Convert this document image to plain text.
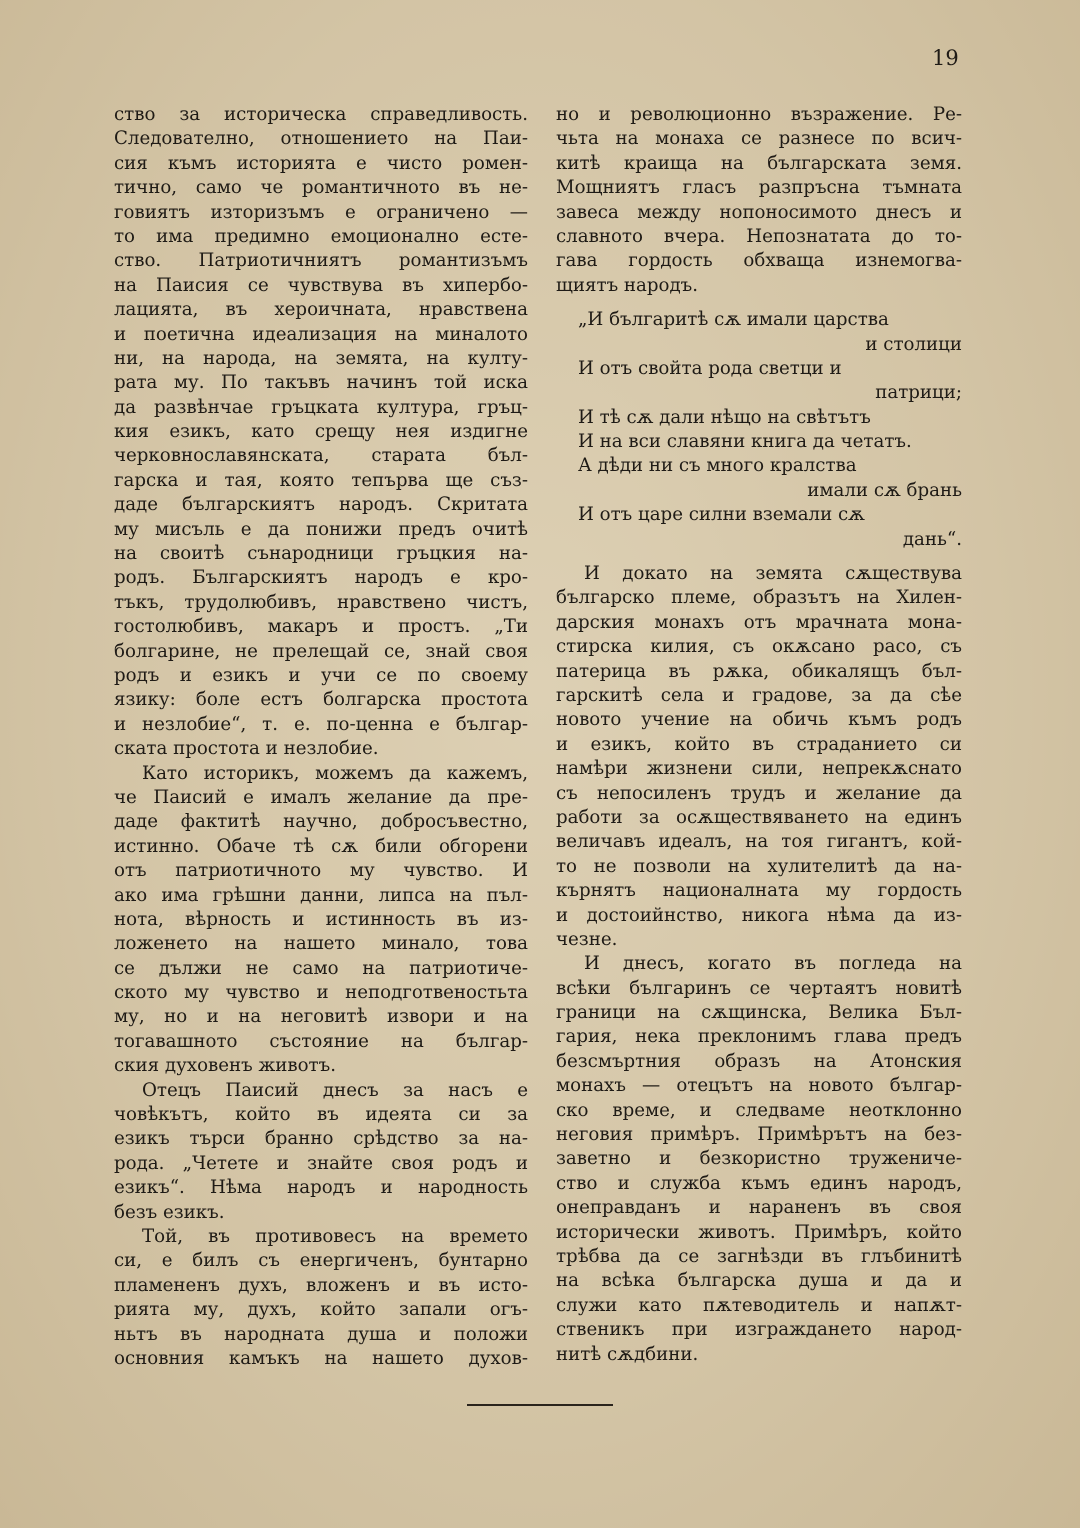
19
ство за историческа справедливость.
Следователно, отношението на Паи-
сия къмъ историята е чисто ромен-
тично, само че романтичното въ не-
говиятъ изторизъмъ е ограничено —
то има предимно емоционално есте-
ство. Патриотичниятъ романтизъмъ
на Паисия се чувствува въ хипербо-
лацията, въ хероичната, нравствена
и поетична идеализация на миналото
ни, на народа, на земята, на култу-
рата му. По такъвъ начинъ той иска
да развѣнчае гръцката култура, гръц-
кия езикъ, като срещу нея издигне
черковнославянската, старата бъл-
гарска и тая, която тепърва ще съз-
даде българскиятъ народъ. Скритата
му мисъль е да понижи предъ очитѣ
на своитѣ сънародници гръцкия на-
родъ. Българскиятъ народъ е кро-
тъкъ, трудолюбивъ, нравствено чистъ,
гостолюбивъ, макаръ и простъ. „Ти
болгарине, не прелещай се, знай своя
родъ и езикъ и учи се по своему
язику: боле естъ болгарска простота
и незлобие“, т. е. по-ценна е българ-
ската простота и незлобие.
Като историкъ, можемъ да кажемъ,
че Паисий е ималъ желание да пре-
даде фактитѣ научно, добросъвестно,
истинно. Обаче тѣ сѫ били обгорени
отъ патриотичното му чувство. И
ако има грѣшни данни, липса на пъл-
нота, вѣрность и истинность въ из-
ложенето на нашето минало, това
се дължи не само на патриотиче-
ското му чувство и неподготвеностьта
му, но и на неговитѣ извори и на
тогавашното състояние на българ-
ския духовенъ животъ.
Отецъ Паисий днесъ за насъ е
човѣкътъ, който въ идеята си за
езикъ търси бранно срѣдство за на-
рода. „Четете и знайте своя родъ и
езикъ“. Нѣма народъ и народность
безъ езикъ.
Той, въ противовесъ на времето
си, е билъ съ енергиченъ, бунтарно
пламененъ духъ, вложенъ и въ исто-
рията му, духъ, който запали огъ-
ньтъ въ народната душа и положи
основния камъкъ на нашето духов-
но и революционно възражение. Ре-
чьта на монаха се разнесе по всич-
китѣ краища на българската земя.
Мощниятъ гласъ разпръсна тъмната
завеса между нопоносимото днесъ и
славното вчера. Непознатата до то-
гава гордость обхваща изнемогва-
щиятъ народъ.
„И българитѣ сѫ имали царства
и столици
И отъ свойта рода светци и
патрици;
И тѣ сѫ дали нѣщо на свѣтътъ
И на вси славяни книга да четатъ.
А дѣди ни съ много кралства
имали сѫ брань
И отъ царе силни вземали сѫ
дань“.
И докато на земята сѫществува
българско племе, образътъ на Хилен-
дарския монахъ отъ мрачната мона-
стирска килия, съ окѫсано расо, съ
патерица въ рѫка, обикалящъ бъл-
гарскитѣ села и градове, за да сѣе
новото учение на обичь къмъ родъ
и езикъ, който въ страданието си
намѣри жизнени сили, непрекѫснато
съ непосиленъ трудъ и желание да
работи за осѫществяването на единъ
величавъ идеалъ, на тоя гигантъ, кой-
то не позволи на хулителитѣ да на-
кърнятъ националната му гордость
и достоийнство, никога нѣма да из-
чезне.
И днесъ, когато въ погледа на
всѣки българинъ се чертаятъ новитѣ
граници на сѫщинска, Велика Бъл-
гария, нека преклонимъ глава предъ
безсмъртния образъ на Атонския
монахъ — отецътъ на новото българ-
ско време, и следваме неотклонно
неговия примѣръ. Примѣрътъ на без-
заветно и безкористно труженичe-
ство и служба къмъ единъ народъ,
онеправданъ и нараненъ въ своя
исторически животъ. Примѣръ, който
трѣбва да се загнѣзди въ глъбинитѣ
на всѣка българска душа и да и
служи като пѫтеводитель и напѫт-
ственикъ при изграждането народ-
нитѣ сѫдбини.
